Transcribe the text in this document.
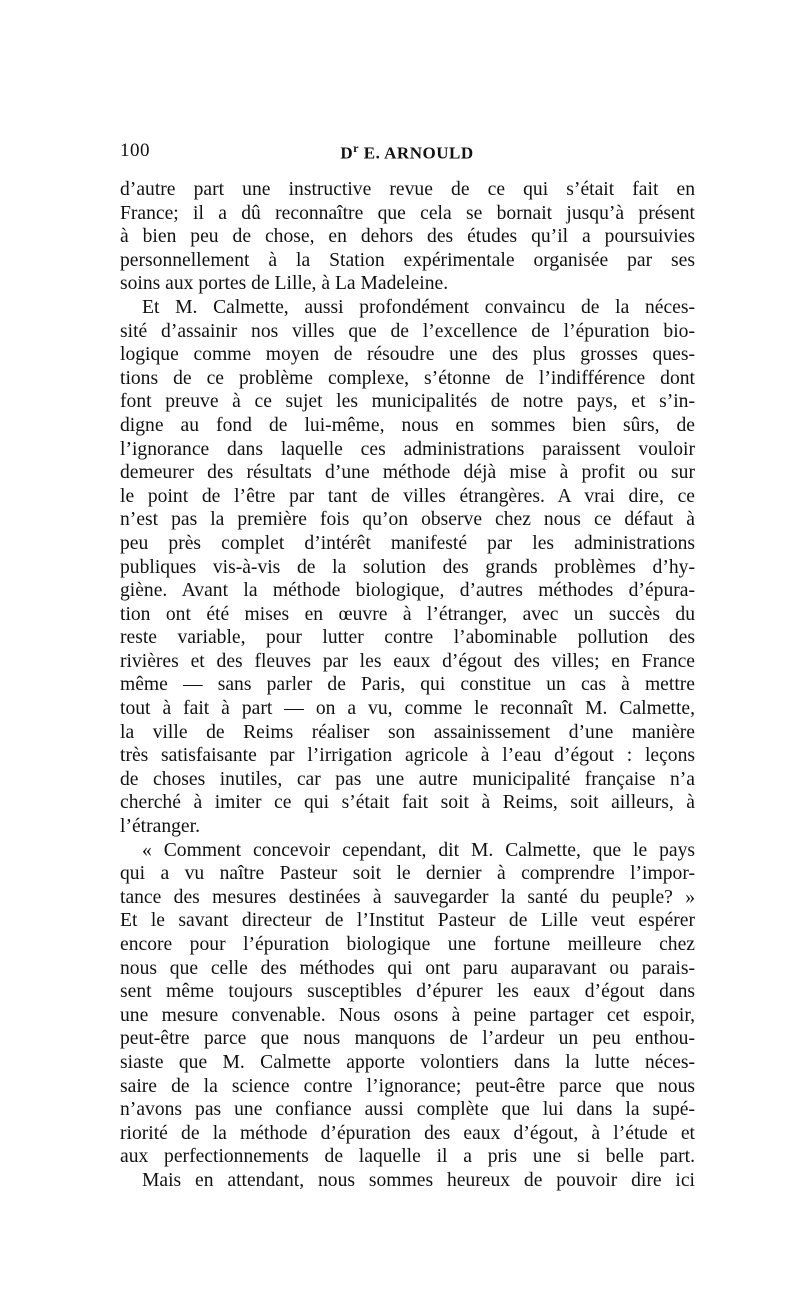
100	$D^r$ E. ARNOULD
d’autre part une instructive revue de ce qui s’était fait en
France; il a dû reconnaître que cela se bornait jusqu’à présent
à bien peu de chose, en dehors des études qu’il a poursuivies
personnellement à la Station expérimentale organisée par ses
soins aux portes de Lille, à La Madeleine.
Et M. Calmette, aussi profondément convaincu de la néces-
sité d’assainir nos villes que de l’excellence de l’épuration bio-
logique comme moyen de résoudre une des plus grosses ques-
tions de ce problème complexe, s’étonne de l’indifférence dont
font preuve à ce sujet les municipalités de notre pays, et s’in-
digne au fond de lui-même, nous en sommes bien sûrs, de
l’ignorance dans laquelle ces administrations paraissent vouloir
demeurer des résultats d’une méthode déjà mise à profit ou sur
le point de l’être par tant de villes étrangères. A vrai dire, ce
n’est pas la première fois qu’on observe chez nous ce défaut à
peu près complet d’intérêt manifesté par les administrations
publiques vis-à-vis de la solution des grands problèmes d’hy-
giène. Avant la méthode biologique, d’autres méthodes d’épura-
tion ont été mises en œuvre à l’étranger, avec un succès du
reste variable, pour lutter contre l’abominable pollution des
rivières et des fleuves par les eaux d’égout des villes; en France
même — sans parler de Paris, qui constitue un cas à mettre
tout à fait à part — on a vu, comme le reconnaît M. Calmette,
la ville de Reims réaliser son assainissement d’une manière
très satisfaisante par l’irrigation agricole à l’eau d’égout : leçons
de choses inutiles, car pas une autre municipalité française n’a
cherché à imiter ce qui s’était fait soit à Reims, soit ailleurs, à
l’étranger.
« Comment concevoir cependant, dit M. Calmette, que le pays
qui a vu naître Pasteur soit le dernier à comprendre l’impor-
tance des mesures destinées à sauvegarder la santé du peuple? »
Et le savant directeur de l’Institut Pasteur de Lille veut espérer
encore pour l’épuration biologique une fortune meilleure chez
nous que celle des méthodes qui ont paru auparavant ou parais-
sent même toujours susceptibles d’épurer les eaux d’égout dans
une mesure convenable. Nous osons à peine partager cet espoir,
peut-être parce que nous manquons de l’ardeur un peu enthou-
siaste que M. Calmette apporte volontiers dans la lutte néces-
saire de la science contre l’ignorance; peut-être parce que nous
n’avons pas une confiance aussi complète que lui dans la supé-
riorité de la méthode d’épuration des eaux d’égout, à l’étude et
aux perfectionnements de laquelle il a pris une si belle part.
Mais en attendant, nous sommes heureux de pouvoir dire ici
